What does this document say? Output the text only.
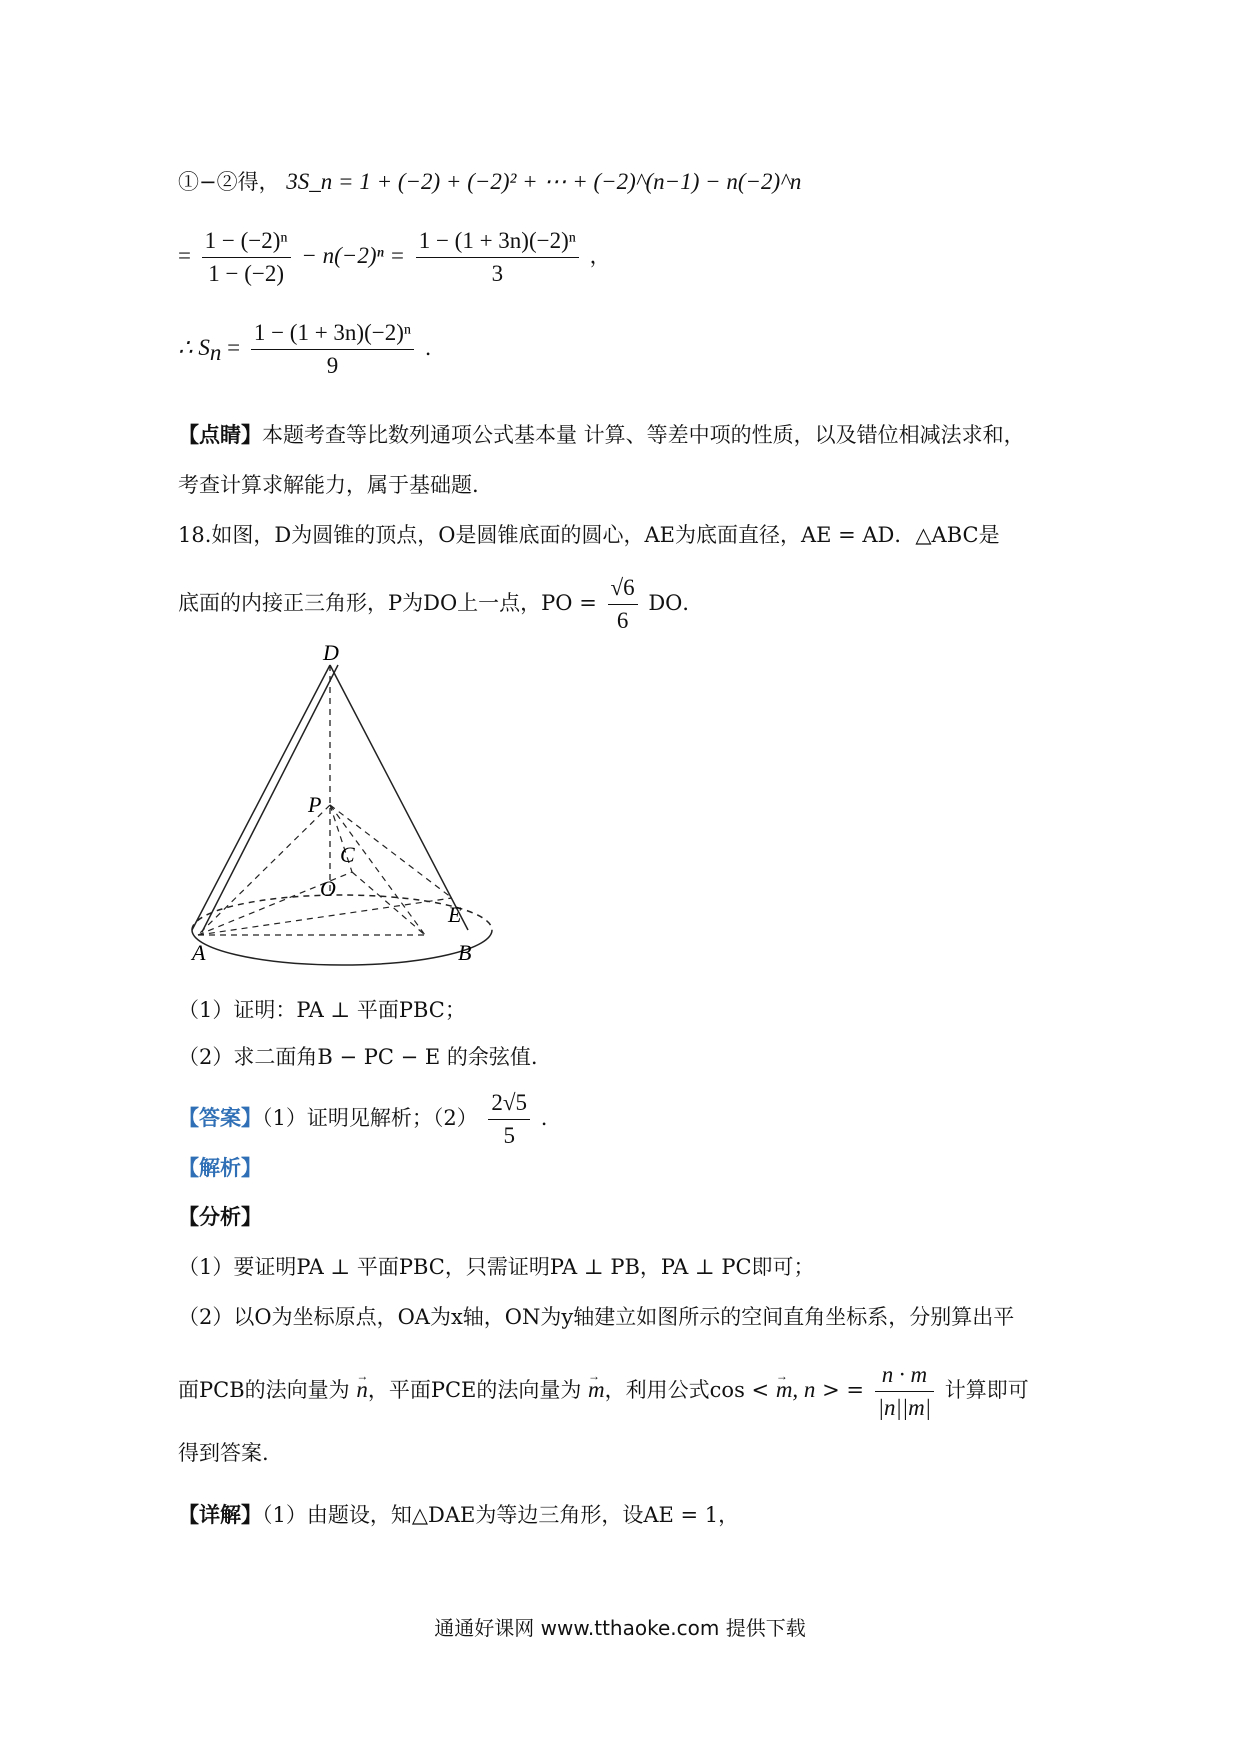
①−②得， 3S_n = 1 + (−2) + (−2)² + ⋯ + (−2)^(n−1) − n(−2)^n
= $\frac{\text{1 − (−2)ⁿ}}{1 - (-2)} - n(-2)^n = \frac{\text{1 − (1 + 3n)(−2)ⁿ}}{3}$ ，
∴ $S_n = \frac{\text{1 − (1 + 3n)(−2)ⁿ}}{9}$ .
【点睛】本题考查等比数列通项公式基本量 计算、等差中项的性质，以及错位相减法求和，
考查计算求解能力，属于基础题.
18.如图，D为圆锥的顶点，O是圆锥底面的圆心，AE为底面直径，AE = AD．△ABC是
底面的内接正三角形，P为DO上一点，PO = $\frac{√6}{6}$ DO．
D
P
C
O
E
A	B
（1）证明：PA ⊥ 平面PBC；
（2）求二面角B − PC − E 的余弦值.
【答案】（1）证明见解析；$(2) \frac{2√5}{5}$ .
【解析】
【分析】
（1）要证明PA ⊥ 平面PBC，只需证明PA ⊥ PB，PA ⊥ PC即可；
（2）以O为坐标原点，OA为x轴，ON为y轴建立如图所示的空间直角坐标系，分别算出平
面PCB的法向量为 → n，平面PCE的法向量为 → m，利用公式cos < → m, n > = $\frac{n \cdot m}{|n||m|}$ 计算即可
得到答案.
【详解】（1）由题设，知△DAE为等边三角形，设AE = 1，
通通好课网 www.tthaoke.com 提供下载
